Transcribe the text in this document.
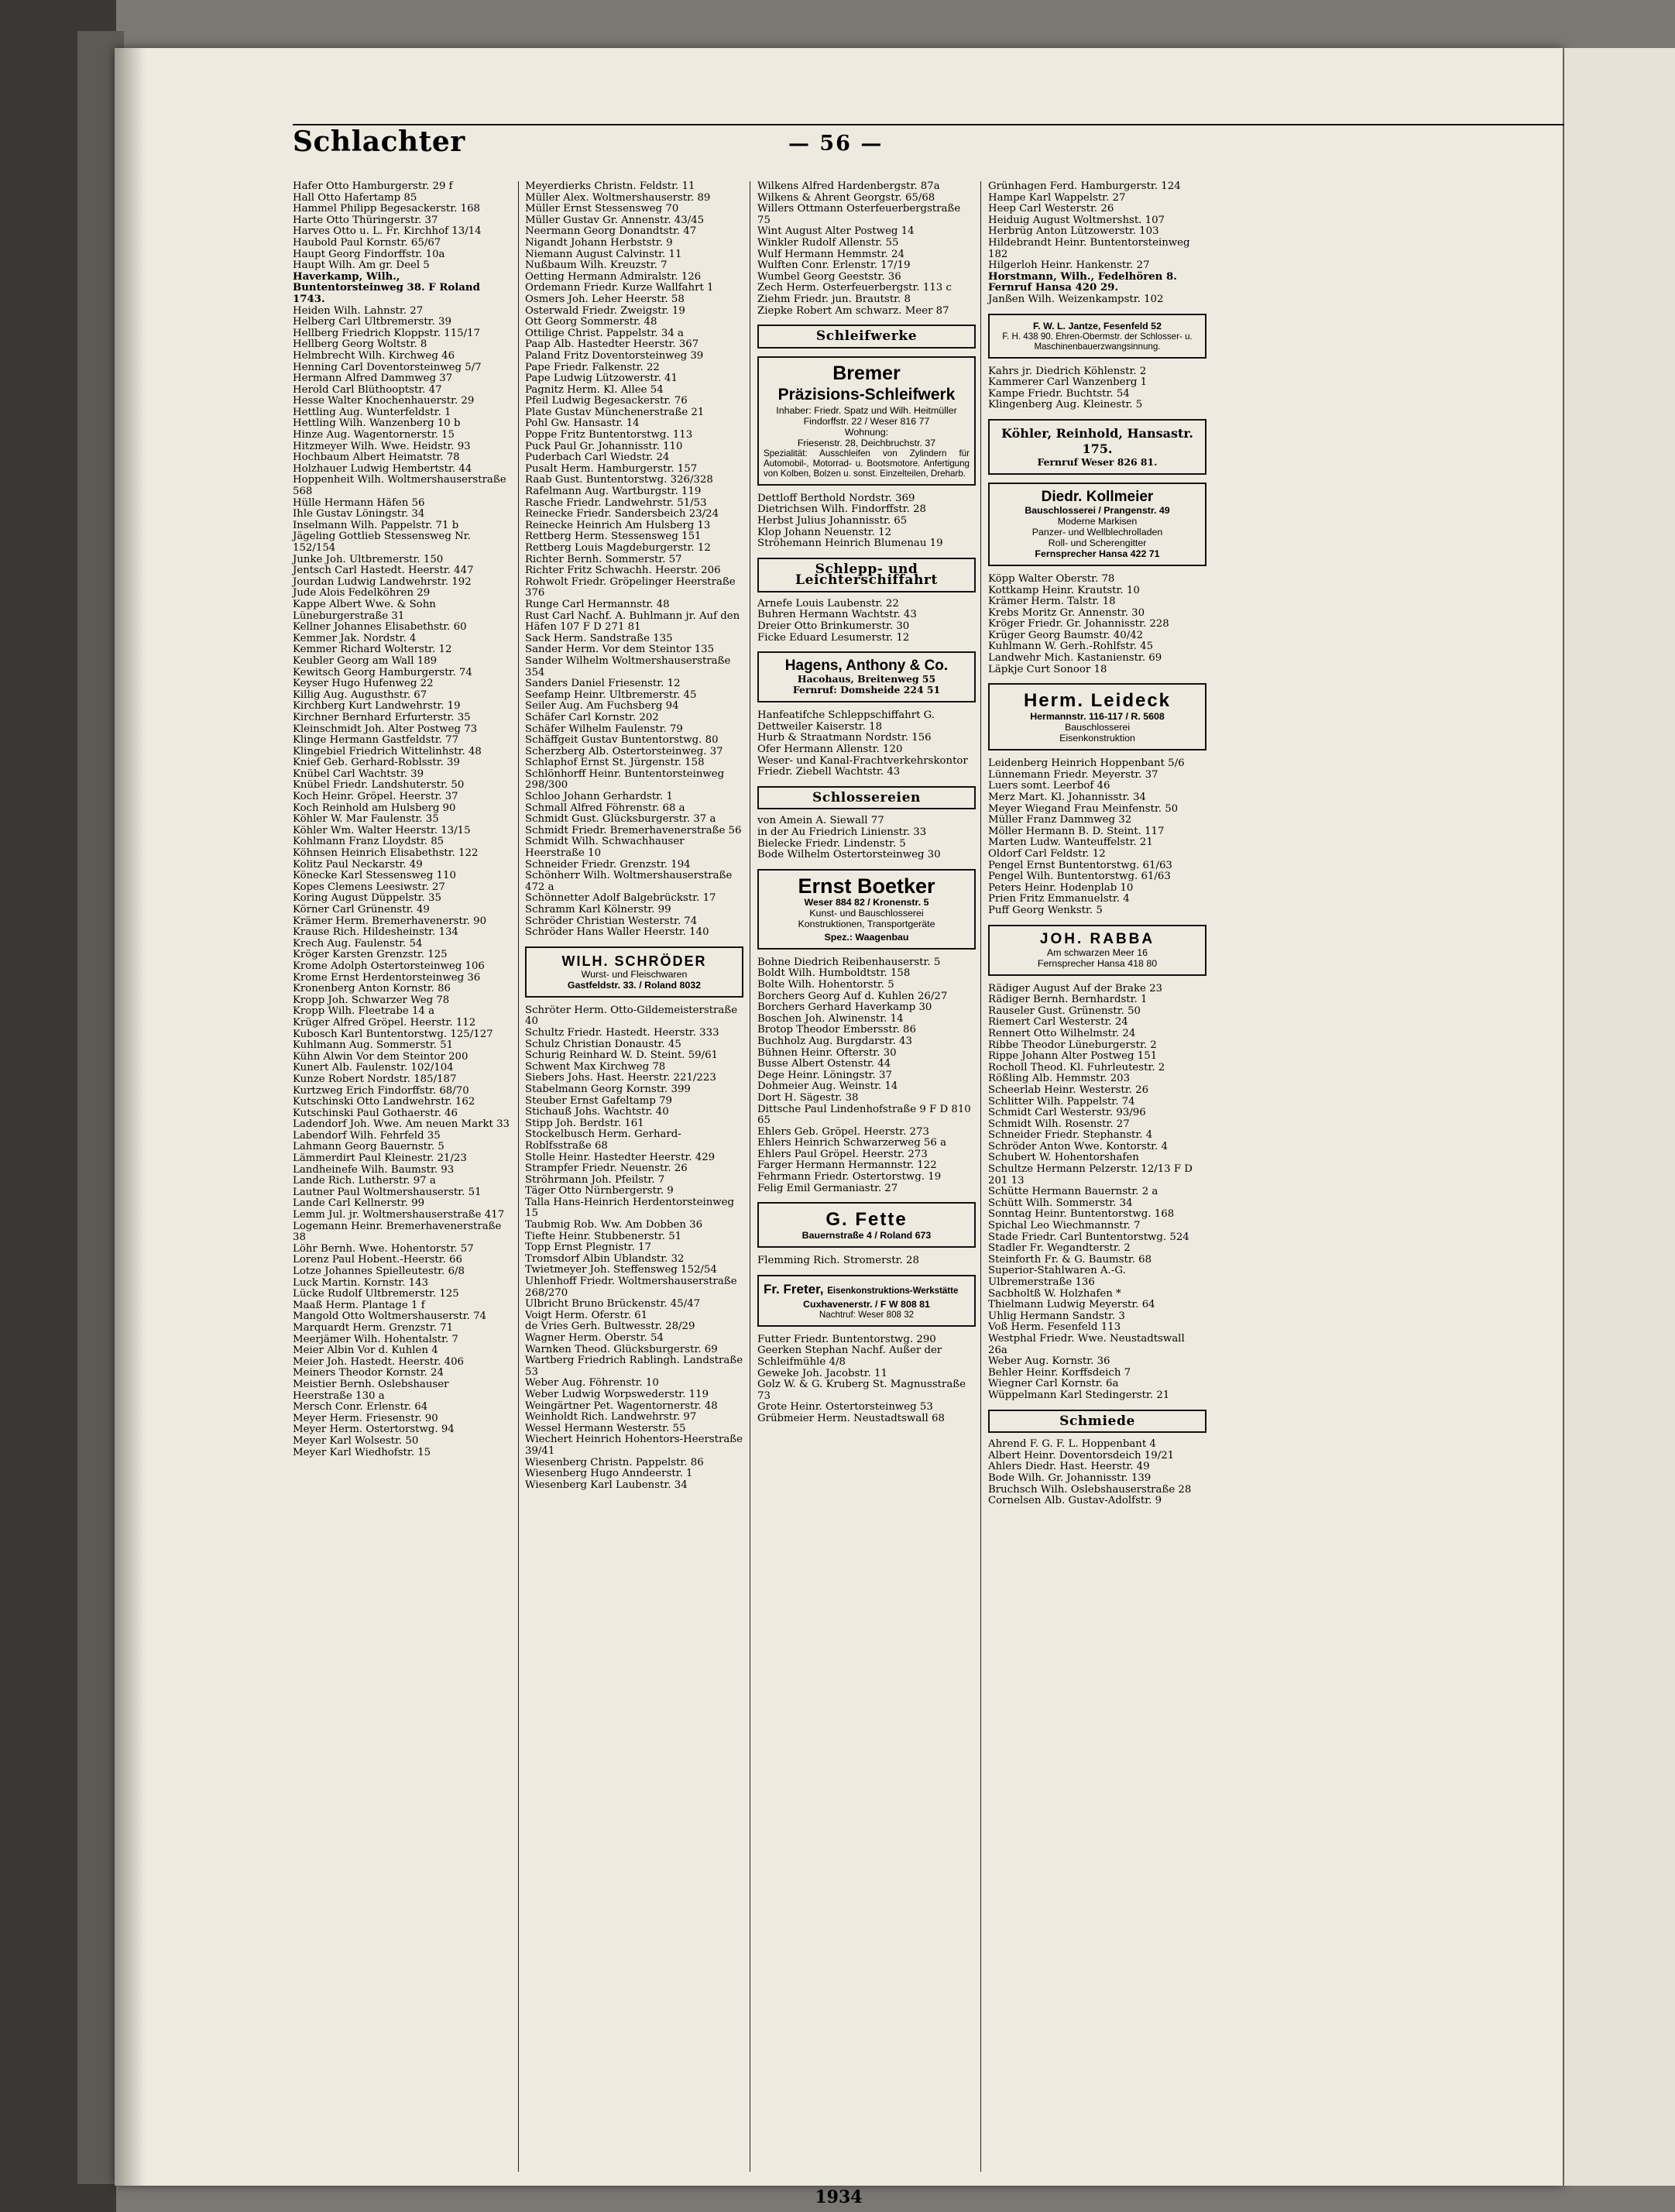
Schlachter	— 56 —
Hafer Otto Hamburgerstr. 29 f
Hall Otto Hafertamp 85
Hammel Philipp Begesackerstr. 168
Harte Otto Thüringerstr. 37
Harves Otto u. L. Fr. Kirchhof 13/14
Haubold Paul Kornstr. 65/67
Haupt Georg Findorffstr. 10a
Haupt Wilh. Am gr. Deel 5
Haverkamp, Wilh., Buntentorsteinweg 38. F Roland 1743.
Heiden Wilh. Lahnstr. 27
Helberg Carl Ultbremerstr. 39
Hellberg Friedrich Kloppstr. 115/17
Hellberg Georg Woltstr. 8
Helmbrecht Wilh. Kirchweg 46
Henning Carl Doventorsteinweg 5/7
Hermann Alfred Dammweg 37
Herold Carl Blüthooptstr. 47
Hesse Walter Knochenhauerstr. 29
Hettling Aug. Wunterfeldstr. 1
Hettling Wilh. Wanzenberg 10 b
Hinze Aug. Wagentornerstr. 15
Hitzmeyer Wilh. Wwe. Heidstr. 93
Hochbaum Albert Heimatstr. 78
Holzhauer Ludwig Hembertstr. 44
Hoppenheit Wilh. Woltmershauserstraße 568
Hülle Hermann Häfen 56
Ihle Gustav Löningstr. 34
Inselmann Wilh. Pappelstr. 71 b
Jägeling Gottlieb Stessensweg Nr. 152/154
Junke Joh. Ultbremerstr. 150
Jentsch Carl Hastedt. Heerstr. 447
Jourdan Ludwig Landwehrstr. 192
Jude Alois Fedelköhren 29
Kappe Albert Wwe. & Sohn Lüneburgerstraße 31
Kellner Johannes Elisabethstr. 60
Kemmer Jak. Nordstr. 4
Kemmer Richard Wolterstr. 12
Keubler Georg am Wall 189
Kewitsch Georg Hamburgerstr. 74
Keyser Hugo Hufenweg 22
Killig Aug. Augusthstr. 67
Kirchberg Kurt Landwehrstr. 19
Kirchner Bernhard Erfurterstr. 35
Kleinschmidt Joh. Alter Postweg 73
Klinge Hermann Gastfeldstr. 77
Klingebiel Friedrich Wittelinhstr. 48
Knief Geb. Gerhard-Roblsstr. 39
Knübel Carl Wachtstr. 39
Knübel Friedr. Landshuterstr. 50
Koch Heinr. Gröpel. Heerstr. 37
Koch Reinhold am Hulsberg 90
Köhler W. Mar Faulenstr. 35
Köhler Wm. Walter Heerstr. 13/15
Kohlmann Franz Lloydstr. 85
Köhnsen Heinrich Elisabethstr. 122
Kolitz Paul Neckarstr. 49
Könecke Karl Stessensweg 110
Kopes Clemens Leesiwstr. 27
Koring August Düppelstr. 35
Körner Carl Grünenstr. 49
Krämer Herm. Bremerhavenerstr. 90
Krause Rich. Hildesheinstr. 134
Krech Aug. Faulenstr. 54
Kröger Karsten Grenzstr. 125
Krome Adolph Ostertorsteinweg 106
Krome Ernst Herdentorsteinweg 36
Kronenberg Anton Kornstr. 86
Kropp Joh. Schwarzer Weg 78
Kropp Wilh. Fleetrabe 14 a
Krüger Alfred Gröpel. Heerstr. 112
Kubosch Karl Buntentorstwg. 125/127
Kuhlmann Aug. Sommerstr. 51
Kühn Alwin Vor dem Steintor 200
Kunert Alb. Faulenstr. 102/104
Kunze Robert Nordstr. 185/187
Kurtzweg Erich Findorffstr. 68/70
Kutschinski Otto Landwehrstr. 162
Kutschinski Paul Gothaerstr. 46
Ladendorf Joh. Wwe. Am neuen Markt 33
Labendorf Wilh. Fehrfeld 35
Lahmann Georg Bauernstr. 5
Lämmerdirt Paul Kleinestr. 21/23
Landheinefe Wilh. Baumstr. 93
Lande Rich. Lutherstr. 97 a
Lautner Paul Woltmershauserstr. 51
Lande Carl Kellnerstr. 99
Lemm Jul. jr. Woltmershauserstraße 417
Logemann Heinr. Bremerhavenerstraße 38
Löhr Bernh. Wwe. Hohentorstr. 57
Lorenz Paul Hobent.-Heerstr. 66
Lotze Johannes Spielleutestr. 6/8
Luck Martin. Kornstr. 143
Lücke Rudolf Ultbremerstr. 125
Maaß Herm. Plantage 1 f
Mangold Otto Woltmershauserstr. 74
Marquardt Herm. Grenzstr. 71
Meerjämer Wilh. Hohentalstr. 7
Meier Albin Vor d. Kuhlen 4
Meier Joh. Hastedt. Heerstr. 406
Meiners Theodor Kornstr. 24
Meistier Bernh. Oslebshauser Heerstraße 130 a
Mersch Conr. Erlenstr. 64
Meyer Herm. Friesenstr. 90
Meyer Herm. Ostertorstwg. 94
Meyer Karl Wolsestr. 50
Meyer Karl Wiedhofstr. 15
Meyerdierks Christn. Feldstr. 11
Müller Alex. Woltmershauserstr. 89
Müller Ernst Stessensweg 70
Müller Gustav Gr. Annenstr. 43/45
Neermann Georg Donandtstr. 47
Nigandt Johann Herbststr. 9
Niemann August Calvinstr. 11
Nußbaum Wilh. Kreuzstr. 7
Oetting Hermann Admiralstr. 126
Ordemann Friedr. Kurze Wallfahrt 1
Osmers Joh. Leher Heerstr. 58
Osterwald Friedr. Zweigstr. 19
Ott Georg Sommerstr. 48
Ottilige Christ. Pappelstr. 34 a
Paap Alb. Hastedter Heerstr. 367
Paland Fritz Doventorsteinweg 39
Pape Friedr. Falkenstr. 22
Pape Ludwig Lützowerstr. 41
Pagnitz Herm. Kl. Allee 54
Pfeil Ludwig Begesackerstr. 76
Plate Gustav Münchenerstraße 21
Pohl Gw. Hansastr. 14
Poppe Fritz Buntentorstwg. 113
Puck Paul Gr. Johannisstr. 110
Puderbach Carl Wiedstr. 24
Pusalt Herm. Hamburgerstr. 157
Raab Gust. Buntentorstwg. 326/328
Rafelmann Aug. Wartburgstr. 119
Rasche Friedr. Landwehrstr. 51/53
Reinecke Friedr. Sandersbeich 23/24
Reinecke Heinrich Am Hulsberg 13
Rettberg Herm. Stessensweg 151
Rettberg Louis Magdeburgerstr. 12
Richter Bernh. Sommerstr. 57
Richter Fritz Schwachh. Heerstr. 206
Rohwolt Friedr. Gröpelinger Heerstraße 376
Runge Carl Hermannstr. 48
Rust Carl Nachf. A. Buhlmann jr. Auf den Häfen 107 F D 271 81
Sack Herm. Sandstraße 135
Sander Herm. Vor dem Steintor 135
Sander Wilhelm Woltmershauserstraße 354
Sanders Daniel Friesenstr. 12
Seefamp Heinr. Ultbremerstr. 45
Seiler Aug. Am Fuchsberg 94
Schäfer Carl Kornstr. 202
Schäfer Wilhelm Faulenstr. 79
Schäffgeit Gustav Buntentorstwg. 80
Scherzberg Alb. Ostertorsteinweg. 37
Schlaphof Ernst St. Jürgenstr. 158
Schlönhorff Heinr. Buntentorsteinweg 298/300
Schloo Johann Gerhardstr. 1
Schmall Alfred Föhrenstr. 68 a
Schmidt Gust. Glücksburgerstr. 37 a
Schmidt Friedr. Bremerhavenerstraße 56
Schmidt Wilh. Schwachhauser Heerstraße 10
Schneider Friedr. Grenzstr. 194
Schönherr Wilh. Woltmershauserstraße 472 a
Schönnetter Adolf Balgebrückstr. 17
Schramm Karl Kölnerstr. 99
Schröder Christian Westerstr. 74
Schröder Hans Waller Heerstr. 140
WILH. SCHRÖDER
Wurst- und Fleischwaren
Gastfeldstr. 33. / Roland 8032
Schröter Herm. Otto-Gildemeisterstraße 40
Schultz Friedr. Hastedt. Heerstr. 333
Schulz Christian Donaustr. 45
Schurig Reinhard W. D. Steint. 59/61
Schwent Max Kirchweg 78
Siebers Johs. Hast. Heerstr. 221/223
Stabelmann Georg Kornstr. 399
Steuber Ernst Gafeltamp 79
Stichauß Johs. Wachtstr. 40
Stipp Joh. Berdstr. 161
Stockelbusch Herm. Gerhard-Roblfsstraße 68
Stolle Heinr. Hastedter Heerstr. 429
Strampfer Friedr. Neuenstr. 26
Ströhrmann Joh. Pfeilstr. 7
Täger Otto Nürnbergerstr. 9
Talla Hans-Heinrich Herdentorsteinweg 15
Taubmig Rob. Ww. Am Dobben 36
Tiefte Heinr. Stubbenerstr. 51
Topp Ernst Plegnistr. 17
Tromsdorf Albin Ublandstr. 32
Twietmeyer Joh. Steffensweg 152/54
Uhlenhoff Friedr. Woltmershauserstraße 268/270
Ulbricht Bruno Brückenstr. 45/47
Voigt Herm. Oferstr. 61
de Vries Gerh. Bultwesstr. 28/29
Wagner Herm. Oberstr. 54
Warnken Theod. Glücksburgerstr. 69
Wartberg Friedrich Rablingh. Landstraße 53
Weber Aug. Föhrenstr. 10
Weber Ludwig Worpswederstr. 119
Weingärtner Pet. Wagentornerstr. 48
Weinholdt Rich. Landwehrstr. 97
Wessel Hermann Westerstr. 55
Wiechert Heinrich Hohentors-Heerstraße 39/41
Wiesenberg Christn. Pappelstr. 86
Wiesenberg Hugo Anndeerstr. 1
Wiesenberg Karl Laubenstr. 34
Wilkens Alfred Hardenbergstr. 87a
Wilkens & Ahrent Georgstr. 65/68
Willers Ottmann Osterfeuerbergstraße 75
Wint August Alter Postweg 14
Winkler Rudolf Allenstr. 55
Wulf Hermann Hemmstr. 24
Wulften Conr. Erlenstr. 17/19
Wumbel Georg Geeststr. 36
Zech Herm. Osterfeuerbergstr. 113 c
Ziehm Friedr. jun. Brautstr. 8
Ziepke Robert Am schwarz. Meer 87
Schleifwerke
Bremer
Präzisions-Schleifwerk
Inhaber: Friedr. Spatz und Wilh. Heitmüller
Findorffstr. 22 / Weser 816 77
Wohnung:
Friesenstr. 28, Deichbruchstr. 37
Spezialität: Ausschleifen von Zylindern für Automobil-, Motorrad- u. Bootsmotore. Anfertigung von Kolben, Bolzen u. sonst. Einzelteilen, Dreharb.
Dettloff Berthold Nordstr. 369
Dietrichsen Wilh. Findorffstr. 28
Herbst Julius Johannisstr. 65
Klop Johann Neuenstr. 12
Ströhemann Heinrich Blumenau 19
Schlepp- und Leichterschiffahrt
Arnefe Louis Laubenstr. 22
Buhren Hermann Wachtstr. 43
Dreier Otto Brinkumerstr. 30
Ficke Eduard Lesumerstr. 12
Hagens, Anthony & Co.
Hacohaus, Breitenweg 55
Fernruf: Domsheide 224 51
Hanfeatifche Schleppschiffahrt G. Dettweiler Kaiserstr. 18
Hurb & Straatmann Nordstr. 156
Ofer Hermann Allenstr. 120
Weser- und Kanal-Frachtverkehrskontor Friedr. Ziebell Wachtstr. 43
Schlossereien
von Amein A. Siewall 77
in der Au Friedrich Linienstr. 33
Bielecke Friedr. Lindenstr. 5
Bode Wilhelm Ostertorsteinweg 30
Ernst Boetker
Weser 884 82 / Kronenstr. 5
Kunst- und Bauschlosserei
Konstruktionen, Transportgeräte
Spez.: Waagenbau
Bohne Diedrich Reibenhauserstr. 5
Boldt Wilh. Humboldtstr. 158
Bolte Wilh. Hohentorstr. 5
Borchers Georg Auf d. Kuhlen 26/27
Borchers Gerhard Haverkamp 30
Boschen Joh. Alwinenstr. 14
Brotop Theodor Embersstr. 86
Buchholz Aug. Burgdarstr. 43
Bühnen Heinr. Ofterstr. 30
Busse Albert Ostenstr. 44
Dege Heinr. Löningstr. 37
Dohmeier Aug. Weinstr. 14
Dort H. Sägestr. 38
Dittsche Paul Lindenhofstraße 9 F D 810 65
Ehlers Geb. Gröpel. Heerstr. 273
Ehlers Heinrich Schwarzerweg 56 a
Ehlers Paul Gröpel. Heerstr. 273
Farger Hermann Hermannstr. 122
Fehrmann Friedr. Ostertorstwg. 19
Felig Emil Germaniastr. 27
G. Fette
Bauernstraße 4 / Roland 673
Flemming Rich. Stromerstr. 28
Fr. Freter, Eisenkonstruktions-Werkstätte
Cuxhavenerstr. / F W 808 81
Nachtruf: Weser 808 32
Futter Friedr. Buntentorstwg. 290
Geerken Stephan Nachf. Außer der Schleifmühle 4/8
Geweke Joh. Jacobstr. 11
Golz W. & G. Kruberg St. Magnusstraße 73
Grote Heinr. Ostertorsteinweg 53
Grübmeier Herm. Neustadtswall 68
Grünhagen Ferd. Hamburgerstr. 124
Hampe Karl Wappelstr. 27
Heep Carl Westerstr. 26
Heiduig August Woltmershst. 107
Herbrüg Anton Lützowerstr. 103
Hildebrandt Heinr. Buntentorsteinweg 182
Hilgerloh Heinr. Hankenstr. 27
Horstmann, Wilh., Fedelhören 8. Fernruf Hansa 420 29.
Janßen Wilh. Weizenkampstr. 102
F. W. L. Jantze, Fesenfeld 52
F. H. 438 90. Ehren-Obermstr. der Schlosser- u. Maschinenbauerzwangsinnung.
Kahrs jr. Diedrich Köhlenstr. 2
Kammerer Carl Wanzenberg 1
Kampe Friedr. Buchtstr. 54
Klingenberg Aug. Kleinestr. 5
Köhler, Reinhold, Hansastr. 175.
Fernruf Weser 826 81.
Diedr. Kollmeier
Bauschlosserei / Prangenstr. 49
Moderne Markisen
Panzer- und Wellblechrolladen
Roll- und Scherengitter
Fernsprecher Hansa 422 71
Köpp Walter Oberstr. 78
Kottkamp Heinr. Krautstr. 10
Krämer Herm. Talstr. 18
Krebs Moritz Gr. Annenstr. 30
Kröger Friedr. Gr. Johannisstr. 228
Krüger Georg Baumstr. 40/42
Kuhlmann W. Gerh.-Rohlfstr. 45
Landwehr Mich. Kastanienstr. 69
Läpkje Curt Sonoor 18
Herm. Leideck
Hermannstr. 116-117 / R. 5608
Bauschlosserei
Eisenkonstruktion
Leidenberg Heinrich Hoppenbant 5/6
Lünnemann Friedr. Meyerstr. 37
Luers somt. Leerbof 46
Merz Mart. Kl. Johannisstr. 34
Meyer Wiegand Frau Meinfenstr. 50
Müller Franz Dammweg 32
Möller Hermann B. D. Steint. 117
Marten Ludw. Wanteuffelstr. 21
Oldorf Carl Feldstr. 12
Pengel Ernst Buntentorstwg. 61/63
Pengel Wilh. Buntentorstwg. 61/63
Peters Heinr. Hodenplab 10
Prien Fritz Emmanuelstr. 4
Puff Georg Wenkstr. 5
JOH. RABBA
Am schwarzen Meer 16
Fernsprecher Hansa 418 80
Rädiger August Auf der Brake 23
Rädiger Bernh. Bernhardstr. 1
Rauseler Gust. Grünenstr. 50
Riemert Carl Westerstr. 24
Rennert Otto Wilhelmstr. 24
Ribbe Theodor Lüneburgerstr. 2
Rippe Johann Alter Postweg 151
Rocholl Theod. Kl. Fuhrleutestr. 2
Rößling Alb. Hemmstr. 203
Scheerlab Heinr. Westerstr. 26
Schlitter Wilh. Pappelstr. 74
Schmidt Carl Westerstr. 93/96
Schmidt Wilh. Rosenstr. 27
Schneider Friedr. Stephanstr. 4
Schröder Anton Wwe. Kontorstr. 4
Schubert W. Hohentorshafen
Schultze Hermann Pelzerstr. 12/13 F D 201 13
Schütte Hermann Bauernstr. 2 a
Schütt Wilh. Sommerstr. 34
Sonntag Heinr. Buntentorstwg. 168
Spichal Leo Wiechmannstr. 7
Stade Friedr. Carl Buntentorstwg. 524
Stadler Fr. Wegandterstr. 2
Steinforth Fr. & G. Baumstr. 68
Superior-Stahlwaren A.-G. Ulbremerstraße 136
Sacbholtß W. Holzhafen *
Thielmann Ludwig Meyerstr. 64
Uhlig Hermann Sandstr. 3
Voß Herm. Fesenfeld 113
Westphal Friedr. Wwe. Neustadtswall 26a
Weber Aug. Kornstr. 36
Behler Heinr. Korffsdeich 7
Wiegner Carl Kornstr. 6a
Wüppelmann Karl Stedingerstr. 21
Schmiede
Ahrend F. G. F. L. Hoppenbant 4
Albert Heinr. Doventorsdeich 19/21
Ahlers Diedr. Hast. Heerstr. 49
Bode Wilh. Gr. Johannisstr. 139
Bruchsch Wilh. Oslebshauserstraße 28
Cornelsen Alb. Gustav-Adolfstr. 9
1934
